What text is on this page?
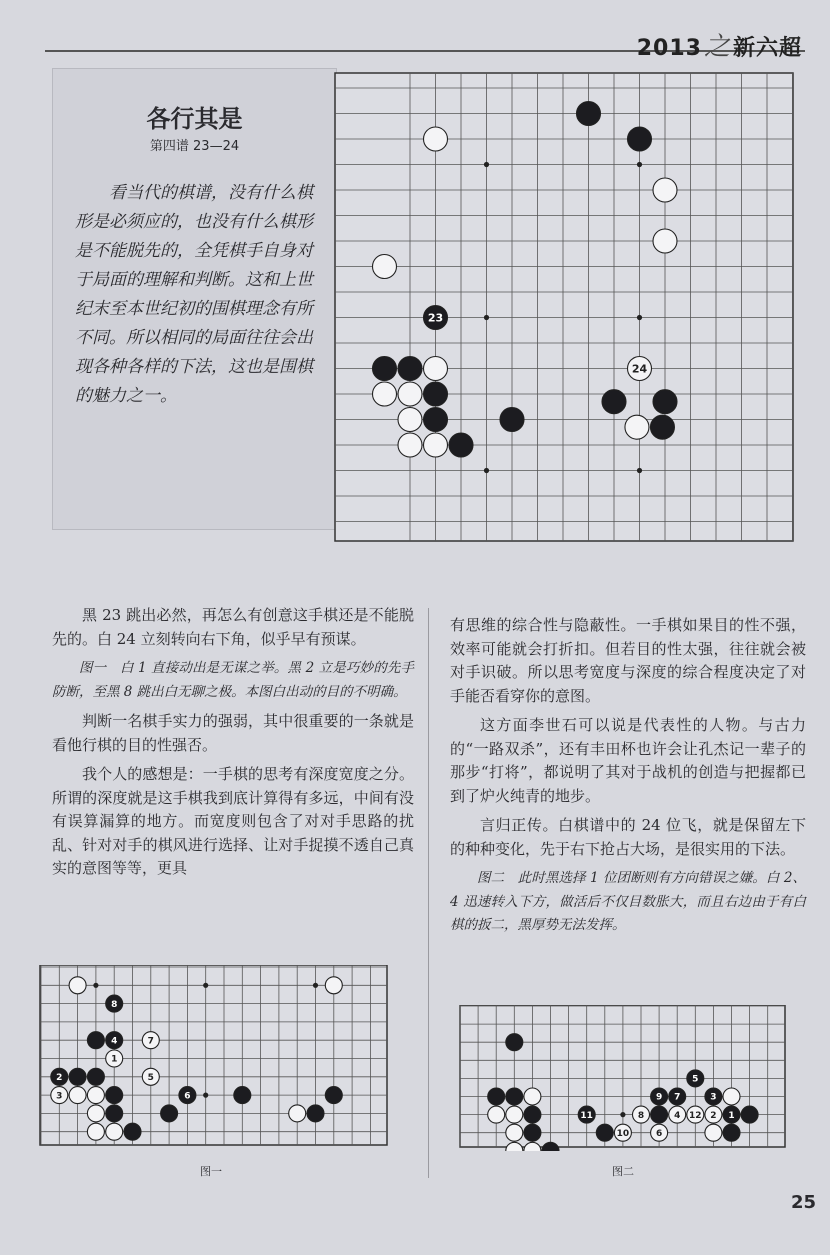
2013之新六超
各行其是
第四谱 23—24
看当代的棋谱，没有什么棋形是必须应的，也没有什么棋形是不能脱先的，全凭棋手自身对于局面的理解和判断。这和上世纪末至本世纪初的围棋理念有所不同。所以相同的局面往往会出现各种各样的下法，这也是围棋的魅力之一。
23
24

黑 23 跳出必然，再怎么有创意这手棋还是不能脱先的。白 24 立刻转向右下角，似乎早有预谋。

图一　白 1 直接动出是无谋之举。黑 2 立是巧妙的先手防断，至黑 8 跳出白无聊之极。本图白出动的目的不明确。

判断一名棋手实力的强弱，其中很重要的一条就是看他行棋的目的性强否。

我个人的感想是：一手棋的思考有深度宽度之分。所谓的深度就是这手棋我到底计算得有多远，中间有没有误算漏算的地方。而宽度则包含了对对手思路的扰乱、针对对手的棋风进行选择、让对手捉摸不透自己真实的意图等等，更具

有思维的综合性与隐蔽性。一手棋如果目的性不强，效率可能就会打折扣。但若目的性太强，往往就会被对手识破。所以思考宽度与深度的综合程度决定了对手能否看穿你的意图。

这方面李世石可以说是代表性的人物。与古力的“一路双杀”，还有丰田杯也许会让孔杰记一辈子的那步“打将”，都说明了其对于战机的创造与把握都已到了炉火纯青的地步。

言归正传。白棋谱中的 24 位飞，就是保留左下的种种变化，先于右下抢占大场，是很实用的下法。

图二　此时黑选择 1 位团断则有方向错误之嫌。白 2、4 迅速转入下方，做活后不仅目数胀大，而且右边由于有白棋的扳二，黑厚势无法发挥。

8
4	7
1
2	5
3	6
图一
5
9 7	3
11	8	4 12 2 1
10	6
图二
25
